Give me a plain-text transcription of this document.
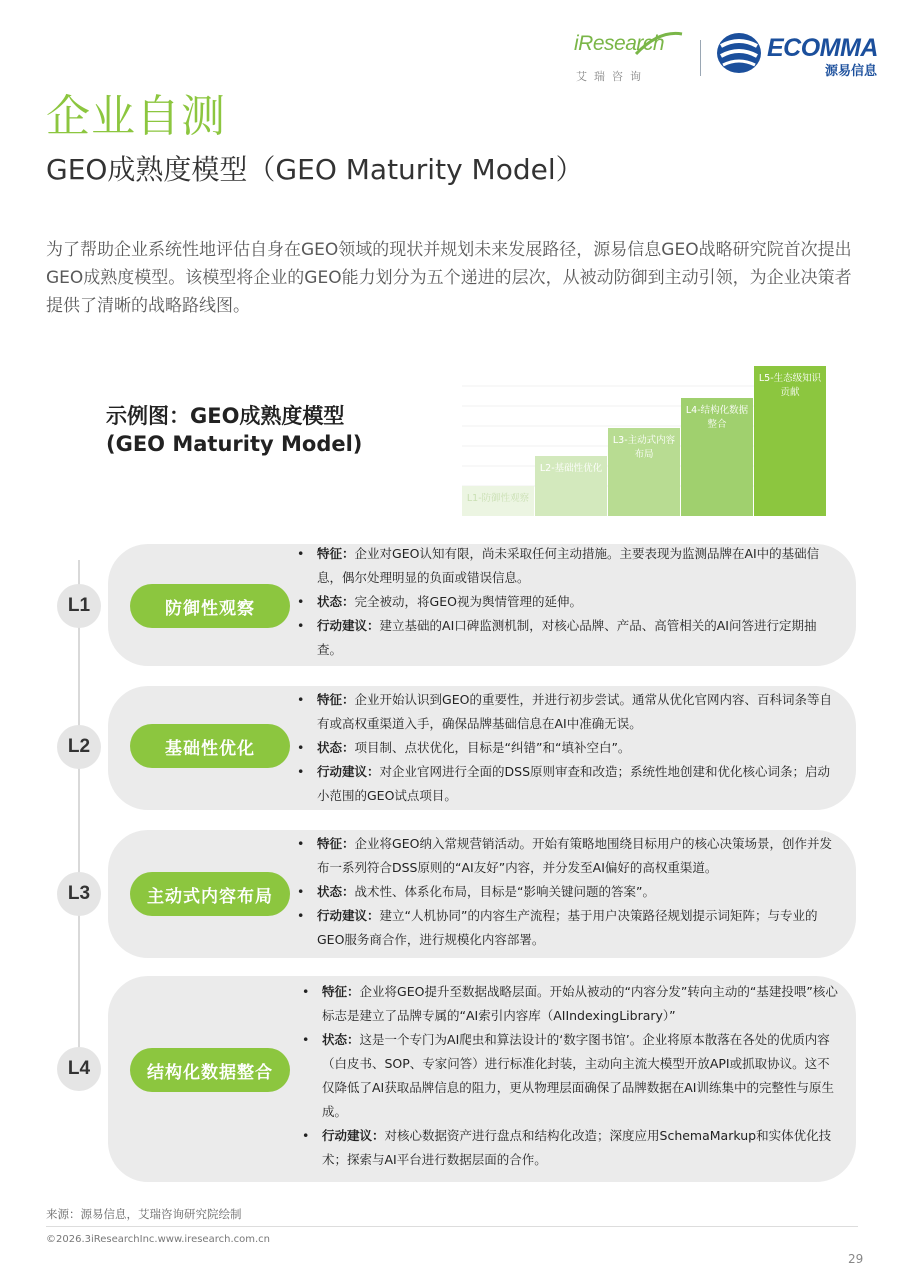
iResearch
艾瑞咨询
ECOMMA
源易信息
企业自测
GEO成熟度模型（GEO Maturity Model）
为了帮助企业系统性地评估自身在GEO领域的现状并规划未来发展路径，源易信息GEO战略研究院首次提出GEO成熟度模型。该模型将企业的GEO能力划分为五个递进的层次，从被动防御到主动引领，为企业决策者提供了清晰的战略路线图。
示例图：GEO成熟度模型
(GEO Maturity Model)
L1-防御性观察
L2-基础性优化
L3-主动式内容
布局
L4-结构化数据
整合
L5-生态级知识
贡献
防御性观察
• 特征：企业对GEO认知有限，尚未采取任何主动措施。主要表现为监测品牌在AI中的基础信息，偶尔处理明显的负面或错误信息。
• 状态：完全被动，将GEO视为舆情管理的延伸。
• 行动建议：建立基础的AI口碑监测机制，对核心品牌、产品、高管相关的AI问答进行定期抽查。
L1
基础性优化
• 特征：企业开始认识到GEO的重要性，并进行初步尝试。通常从优化官网内容、百科词条等自有或高权重渠道入手，确保品牌基础信息在AI中准确无误。
• 状态：项目制、点状优化，目标是“纠错”和“填补空白”。
• 行动建议：对企业官网进行全面的DSS原则审查和改造；系统性地创建和优化核心词条；启动小范围的GEO试点项目。
L2
主动式内容布局
• 特征：企业将GEO纳入常规营销活动。开始有策略地围绕目标用户的核心决策场景，创作并发布一系列符合DSS原则的“AI友好”内容，并分发至AI偏好的高权重渠道。
• 状态：战术性、体系化布局，目标是“影响关键问题的答案”。
• 行动建议：建立“人机协同”的内容生产流程；基于用户决策路径规划提示词矩阵；与专业的GEO服务商合作，进行规模化内容部署。
L3
结构化数据整合
• 特征：企业将GEO提升至数据战略层面。开始从被动的“内容分发”转向主动的“基建投喂”核心标志是建立了品牌专属的“AI索引内容库（AIIndexingLibrary）”
• 状态：这是一个专门为AI爬虫和算法设计的‘数字图书馆’。企业将原本散落在各处的优质内容（白皮书、SOP、专家问答）进行标准化封装，主动向主流大模型开放API或抓取协议。这不仅降低了AI获取品牌信息的阻力，更从物理层面确保了品牌数据在AI训练集中的完整性与原生成。
• 行动建议：对核心数据资产进行盘点和结构化改造；深度应用SchemaMarkup和实体优化技术；探索与AI平台进行数据层面的合作。
L4
来源：源易信息，艾瑞咨询研究院绘制
©2026.3iResearchInc.www.iresearch.com.cn
29
